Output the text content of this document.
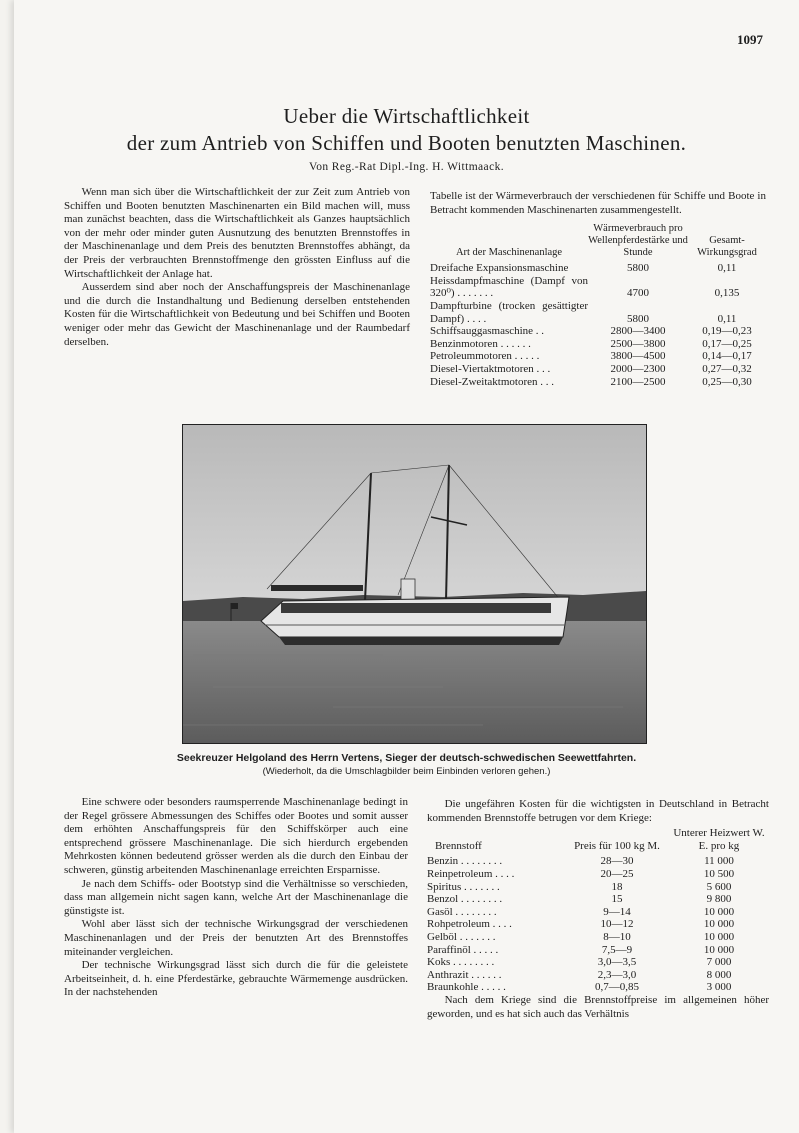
1097
Ueber die Wirtschaftlichkeit
der zum Antrieb von Schiffen und Booten benutzten Maschinen.
Von Reg.-Rat Dipl.-Ing. H. Wittmaack.

Wenn man sich über die Wirtschaftlichkeit der zur Zeit zum Antrieb von Schiffen und Booten benutzten Maschinenarten ein Bild machen will, muss man zunächst beachten, dass die Wirtschaftlichkeit als Ganzes hauptsächlich von der mehr oder minder guten Ausnutzung des benutzten Brennstoffes in der Maschinenanlage und dem Preis des benutzten Brennstoffes abhängt, da der Preis der verbrauchten Brennstoffmenge den grössten Einfluss auf die Wirtschaftlichkeit der Anlage hat.

Ausserdem sind aber noch der Anschaffungspreis der Maschinenanlage und die durch die Instandhaltung und Bedienung derselben entstehenden Kosten für die Wirtschaftlichkeit von Bedeutung und bei Schiffen und Booten weniger oder mehr das Gewicht der Maschinenanlage und der Raumbedarf derselben.

Tabelle ist der Wärmeverbrauch der verschiedenen für Schiffe und Boote in Betracht kommenden Maschinenarten zusammengestellt.
Art der Maschinenanlage	Wärmeverbrauch pro Wellenpferdestärke und Stunde	Gesamt-Wirkungsgrad
Dreifache Expansionsmaschine	5800	0,11
Heissdampfmaschine (Dampf von 320⁰) . . . . . . .	4700	0,135
Dampfturbine (trocken gesättigter Dampf) . . . .	5800	0,11
Schiffsauggasmaschine . .	2800—3400	0,19—0,23
Benzinmotoren . . . . . .	2500—3800	0,17—0,25
Petroleummotoren . . . . .	3800—4500	0,14—0,17
Diesel-Viertaktmotoren . . .	2000—2300	0,27—0,32
Diesel-Zweitaktmotoren . . .	2100—2500	0,25—0,30
Seekreuzer Helgoland des Herrn Vertens, Sieger der deutsch-schwedischen Seewettfahrten.
(Wiederholt, da die Umschlagbilder beim Einbinden verloren gehen.)

Eine schwere oder besonders raumsperrende Maschinenanlage bedingt in der Regel grössere Abmessungen des Schiffes oder Bootes und somit ausser dem erhöhten Anschaffungspreis für den Schiffskörper auch eine entsprechend grössere Maschinenanlage. Die sich hierdurch ergebenden Mehrkosten können bedeutend grösser werden als die durch den Einbau der schweren, günstig arbeitenden Maschinenanlage erreichten Ersparnisse.

Je nach dem Schiffs- oder Bootstyp sind die Verhältnisse so verschieden, dass man allgemein nicht sagen kann, welche Art der Maschinenanlage die günstigste ist.

Wohl aber lässt sich der technische Wirkungsgrad der verschiedenen Maschinenanlagen und der Preis der benutzten Art des Brennstoffes miteinander vergleichen.

Der technische Wirkungsgrad lässt sich durch die für die geleistete Arbeitseinheit, d. h. eine Pferdestärke, gebrauchte Wärmemenge ausdrücken. In der nachstehenden

Die ungefähren Kosten für die wichtigsten in Deutschland in Betracht kommenden Brennstoffe betrugen vor dem Kriege:

Brennstoff	Preis für 100 kg M.	Unterer Heizwert W. E. pro kg
Benzin . . . . . . . .	28—30	11 000
Reinpetroleum . . . .	20—25	10 500
Spiritus . . . . . . .	18	5 600
Benzol . . . . . . . .	15	9 800
Gasöl . . . . . . . .	9—14	10 000
Rohpetroleum . . . .	10—12	10 000
Gelböl . . . . . . .	8—10	10 000
Paraffinöl . . . . .	7,5—9	10 000
Koks . . . . . . . .	3,0—3,5	7 000
Anthrazit . . . . . .	2,3—3,0	8 000
Braunkohle . . . . .	0,7—0,85	3 000

Nach dem Kriege sind die Brennstoffpreise im allgemeinen höher geworden, und es hat sich auch das Verhältnis
